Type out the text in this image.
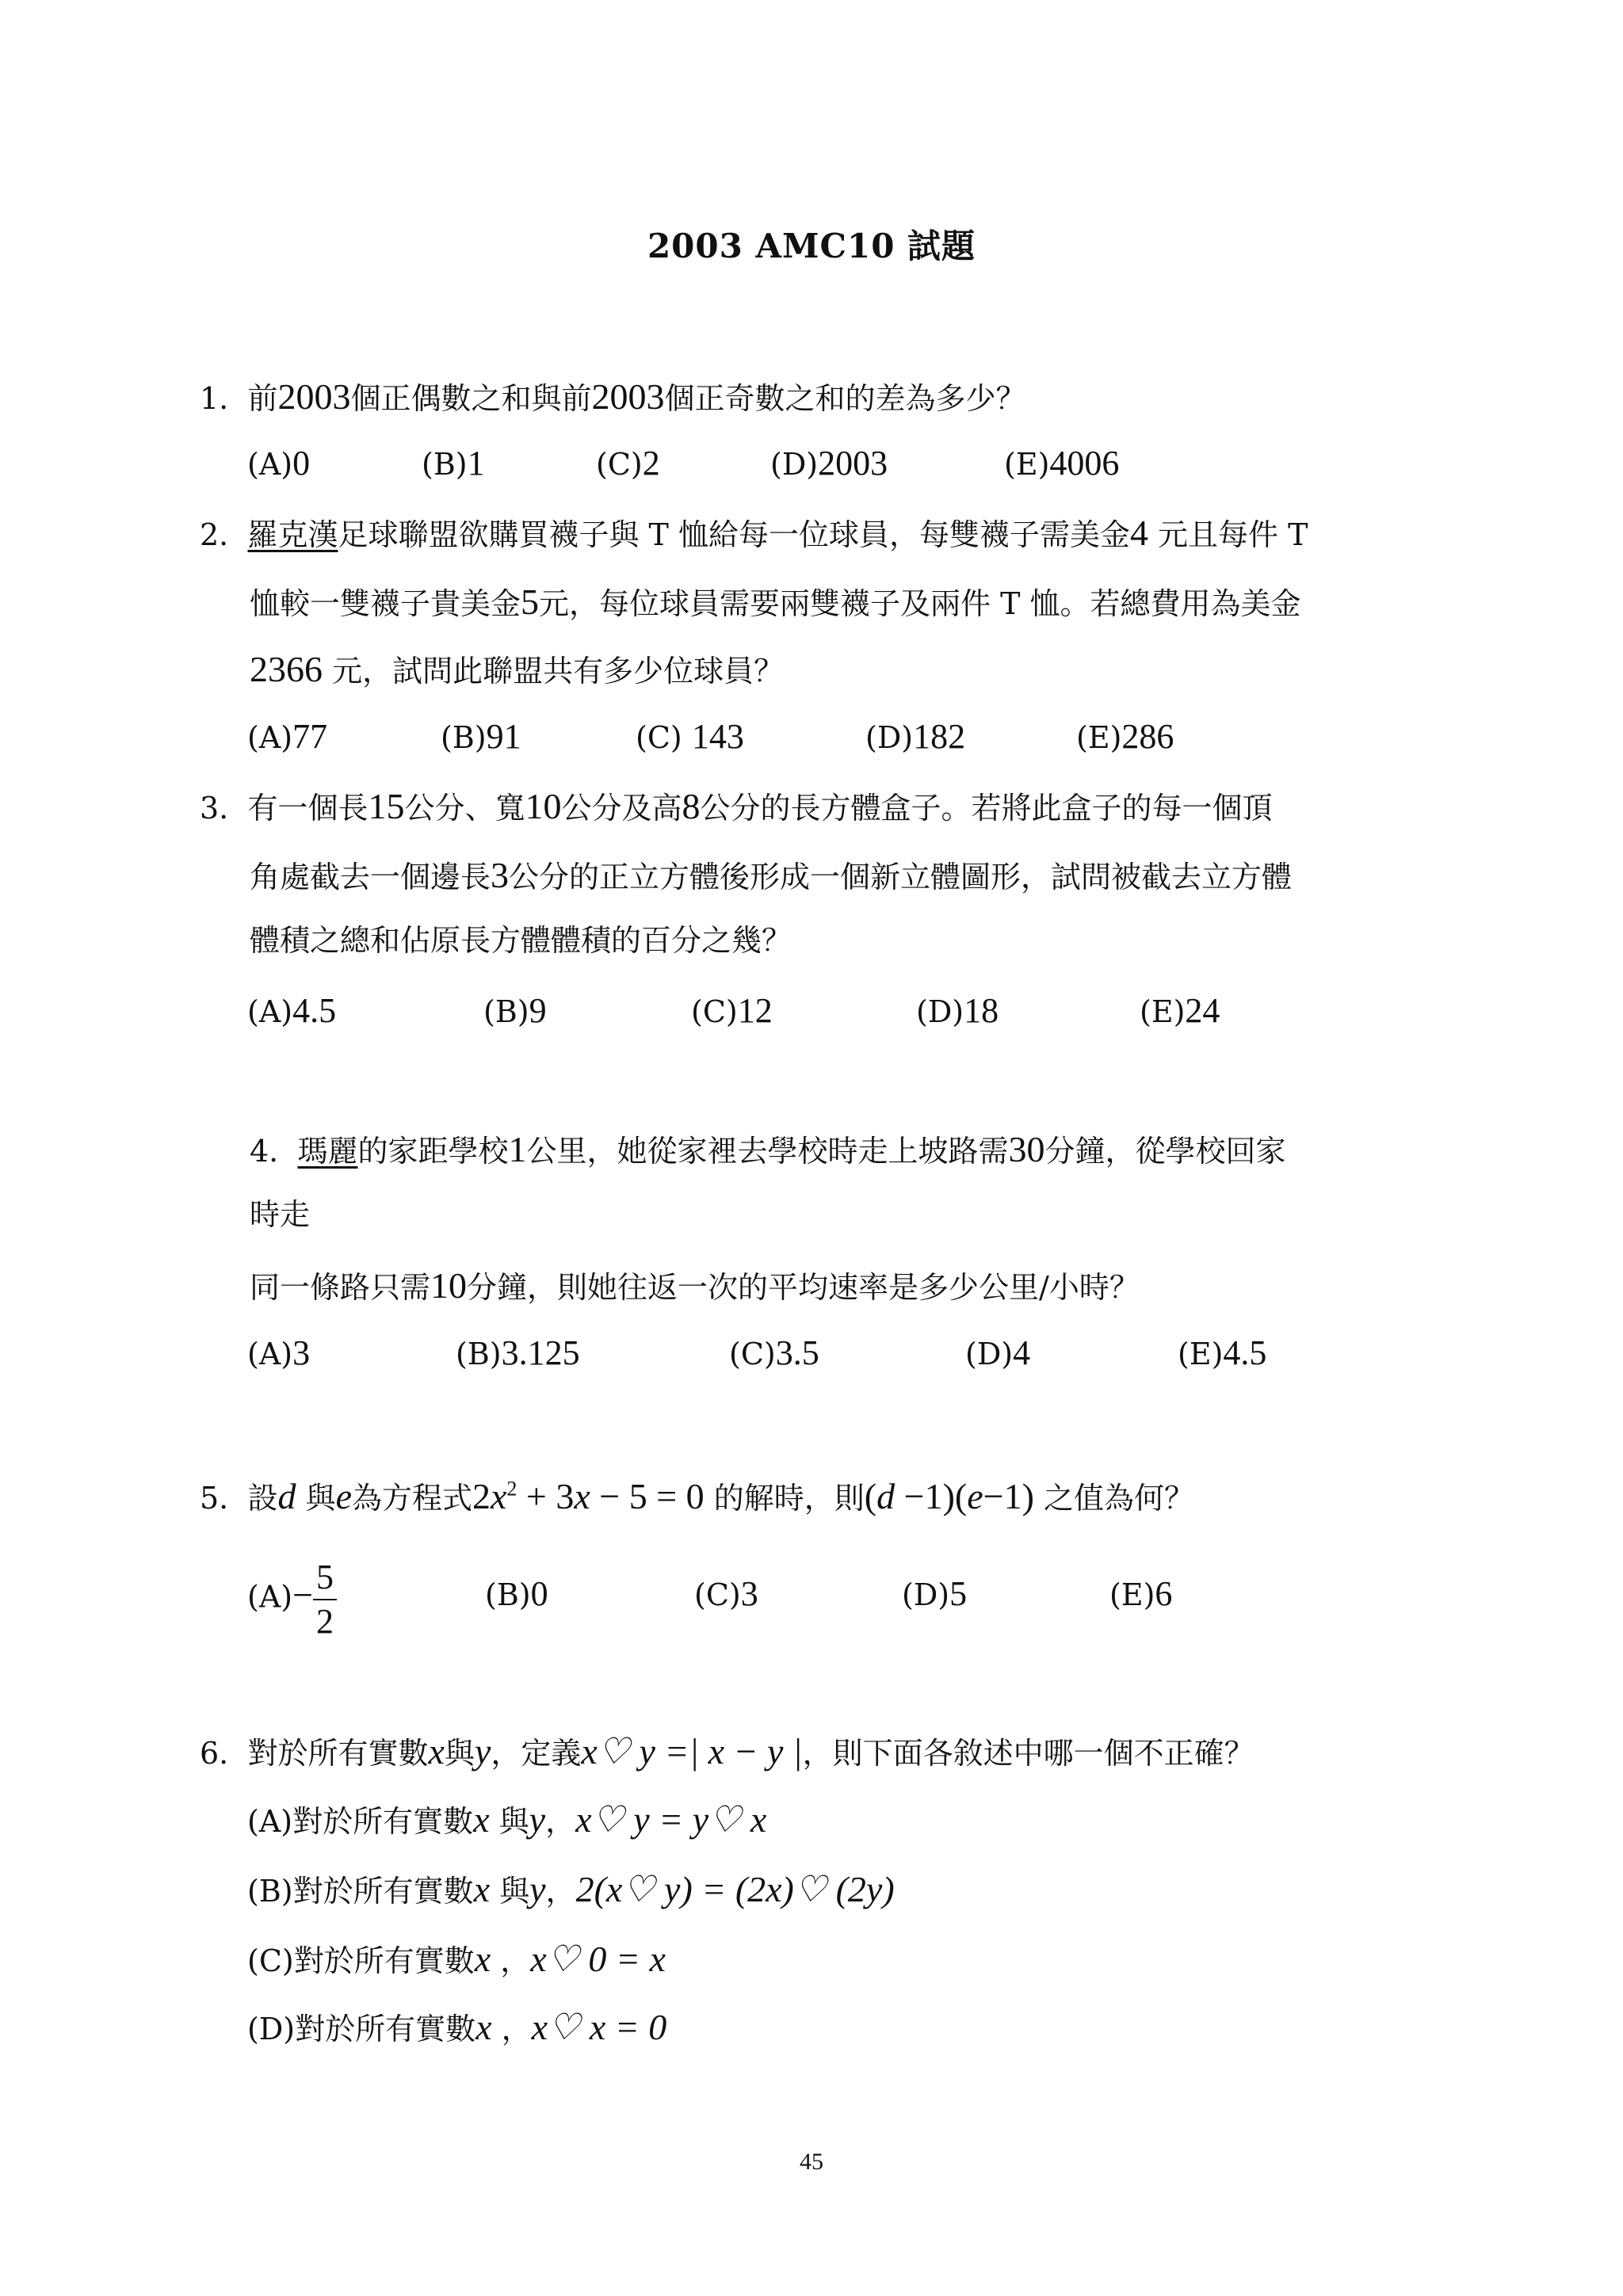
2003 AMC10 試題
1. 前2003個正偶數之和與前2003個正奇數之和的差為多少？
(A)0	(B)1	(C)2	(D)2003	(E)4006
2. 羅克漢足球聯盟欲購買襪子與 T 恤給每一位球員，每雙襪子需美金4 元且每件 T
恤較一雙襪子貴美金5元，每位球員需要兩雙襪子及兩件 T 恤。若總費用為美金
2366 元，試問此聯盟共有多少位球員？
(A)77	(B)91	(C) 143	(D)182	(E)286
3. 有一個長15公分、寬10公分及高8公分的長方體盒子。若將此盒子的每一個頂
角處截去一個邊長3公分的正立方體後形成一個新立體圖形，試問被截去立方體
體積之總和佔原長方體體積的百分之幾？
(A)4.5	(B)9	(C)12	(D)18	(E)24
4. 瑪麗的家距學校1公里，她從家裡去學校時走上坡路需30分鐘，從學校回家
時走
同一條路只需10分鐘，則她往返一次的平均速率是多少公里/小時？
(A)3	(B)3.125	(C)3.5	(D)4	(E)4.5
5. 設d 與e為方程式$2x^2 + 3x - 5 = 0$ 的解時，則(d −1)(e−1) 之值為何？
$(A)- \frac{5}{2}$	(B)0	(C)3	(D)5	(E)6
6. 對於所有實數x與y，定義x♡ y =| x − y |，則下面各敘述中哪一個不正確？
(A)對於所有實數x 與y，x♡ y = y♡ x
(B)對於所有實數x 與y，2(x♡ y) = (2x)♡ (2y)
(C)對於所有實數x ，x♡ 0 = x
(D)對於所有實數x ，x♡ x = 0
45
